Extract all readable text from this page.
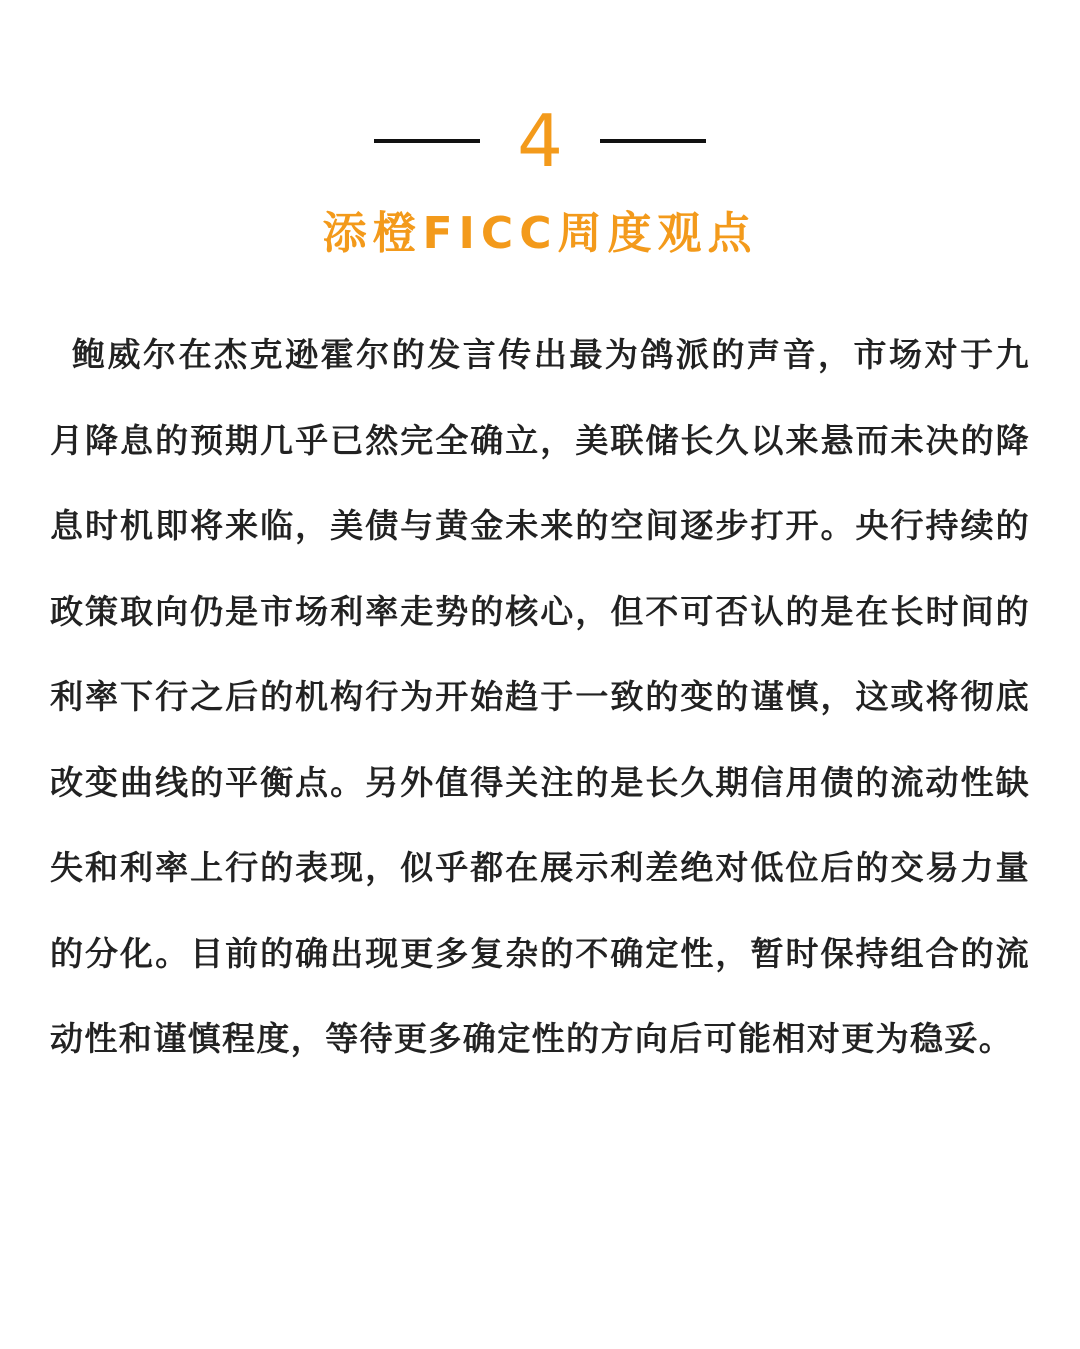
4
添橙FICC周度观点

鲍威尔在杰克逊霍尔的发言传出最为鸽派的声音，市场对于九月降息的预期几乎已然完全确立，美联储长久以来悬而未决的降息时机即将来临，美债与黄金未来的空间逐步打开。央行持续的政策取向仍是市场利率走势的核心，但不可否认的是在长时间的利率下行之后的机构行为开始趋于一致的变的谨慎，这或将彻底改变曲线的平衡点。另外值得关注的是长久期信用债的流动性缺失和利率上行的表现，似乎都在展示利差绝对低位后的交易力量的分化。目前的确出现更多复杂的不确定性，暂时保持组合的流动性和谨慎程度，等待更多确定性的方向后可能相对更为稳妥。
